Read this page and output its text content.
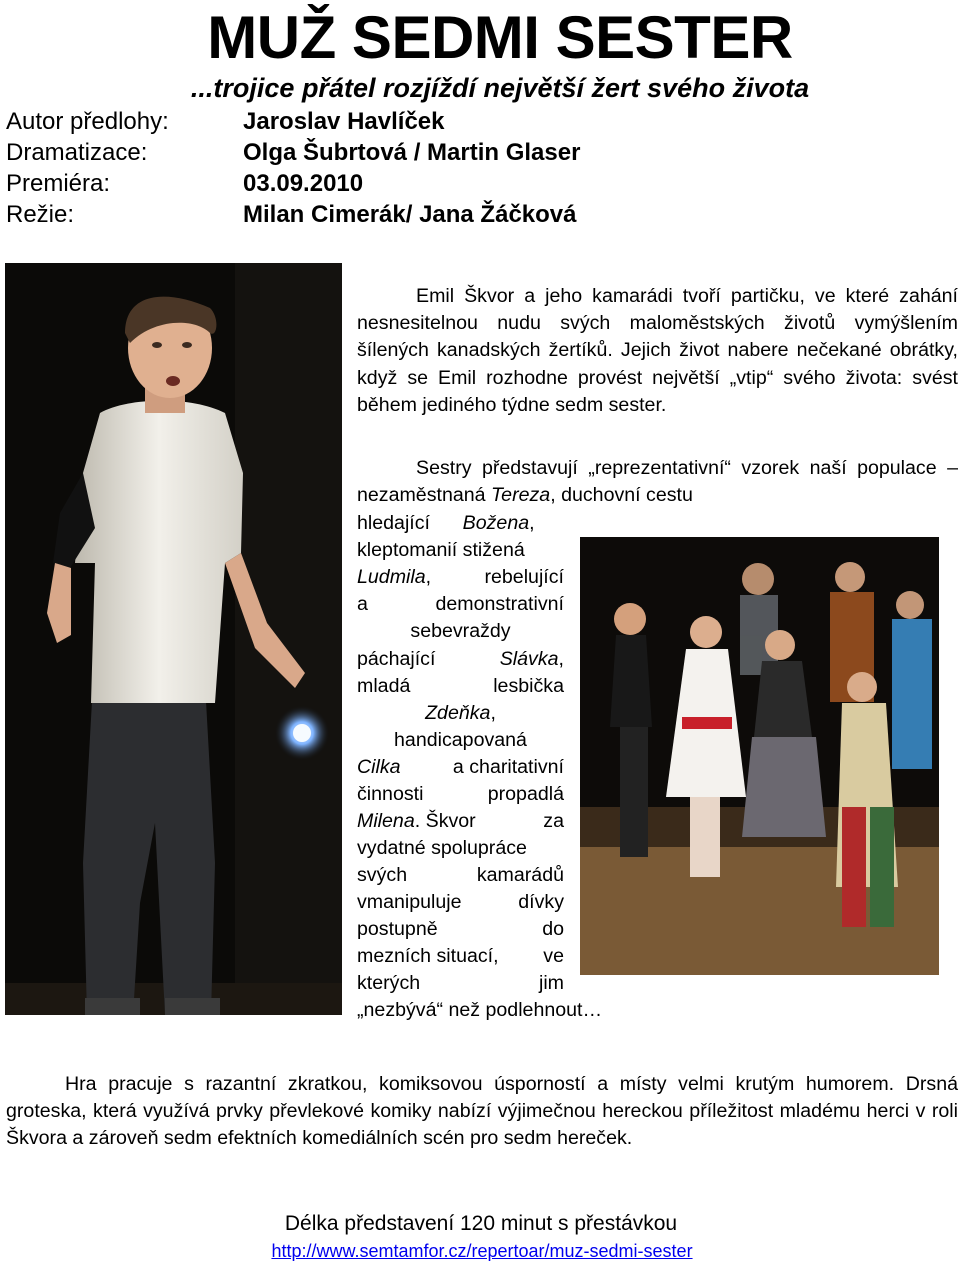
MUŽ SEDMI SESTER
...trojice přátel rozjíždí největší žert svého života
Autor předlohy:	Jaroslav Havlíček
Dramatizace:	Olga Šubrtová / Martin Glaser
Premiéra:	03.09.2010
Režie:	Milan Cimerák/ Jana Žáčková
Emil Škvor a jeho kamarádi tvoří partičku, ve které zahání nesnesitelnou nudu svých maloměstských životů vymýšlením šílených kanadských žertíků. Jejich život nabere nečekané obrátky, když se Emil rozhodne provést největší „vtip“ svého života: svést během jediného týdne sedm sester.
Sestry představují „reprezentativní“ vzorek naší populace – nezaměstnaná Tereza, duchovní cestu
hledající Božena,
kleptomanií stižená
Ludmila,	rebelující
a	demonstrativní
sebevraždy
páchající	Slávka,
mladá	lesbička
Zdeňka,
handicapovaná
Cilka	a charitativní
činnosti	propadlá
Milena. Škvor	za
vydatné spolupráce
svých	kamarádů
vmanipuluje	dívky
postupně	do
mezních situací, ve
kterých	jim
„nezbývá“ než podlehnout…
Hra pracuje s razantní zkratkou, komiksovou úsporností a místy velmi krutým humorem. Drsná groteska, která využívá prvky převlekové komiky nabízí výjimečnou hereckou příležitost mladému herci v roli Škvora a zároveň sedm efektních komediálních scén pro sedm hereček.
Délka představení 120 minut s přestávkou
http://www.semtamfor.cz/repertoar/muz-sedmi-sester
